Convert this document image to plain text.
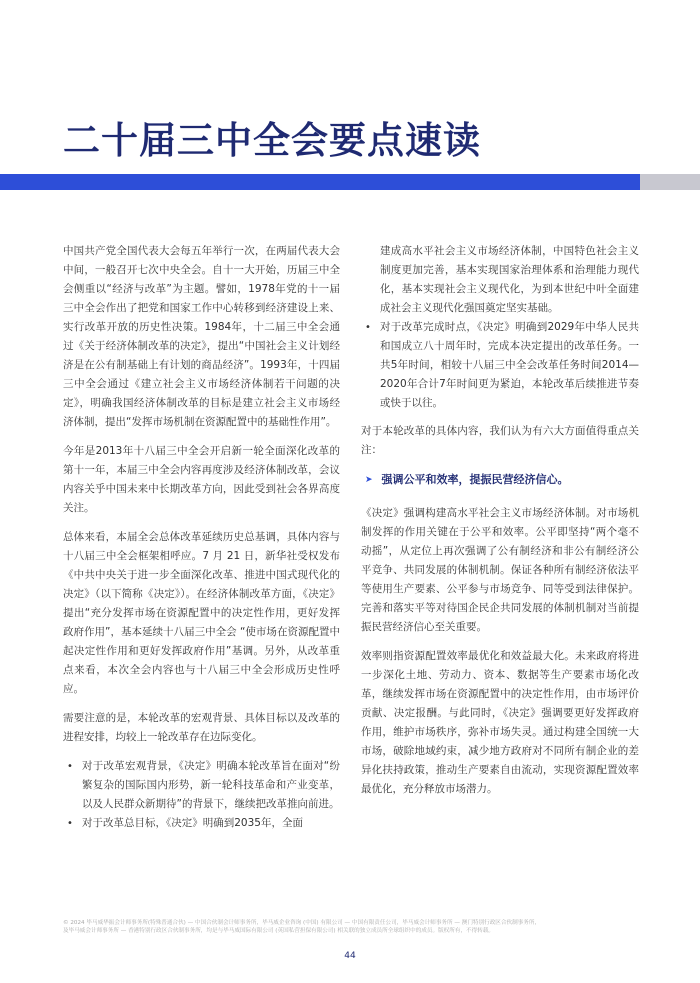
二十届三中全会要点速读

中国共产党全国代表大会每五年举行一次，在两届代表大会中间，一般召开七次中央全会。自十一大开始，历届三中全会侧重以“经济与改革”为主题。譬如，1978年党的十一届三中全会作出了把党和国家工作中心转移到经济建设上来、实行改革开放的历史性决策。1984年，十二届三中全会通过《关于经济体制改革的决定》，提出“中国社会主义计划经济是在公有制基础上有计划的商品经济”。1993年，十四届三中全会通过《建立社会主义市场经济体制若干问题的决定》，明确我国经济体制改革的目标是建立社会主义市场经济体制，提出“发挥市场机制在资源配置中的基础性作用”。

今年是2013年十八届三中全会开启新一轮全面深化改革的第十一年，本届三中全会内容再度涉及经济体制改革，会议内容关乎中国未来中长期改革方向，因此受到社会各界高度关注。

总体来看，本届全会总体改革延续历史总基调，具体内容与十八届三中全会框架相呼应。7 月 21 日，新华社受权发布《中共中央关于进一步全面深化改革、推进中国式现代化的决定》（以下简称《决定》）。在经济体制改革方面，《决定》提出“充分发挥市场在资源配置中的决定性作用，更好发挥政府作用”，基本延续十八届三中全会 “使市场在资源配置中起决定性作用和更好发挥政府作用”基调。另外，从改革重点来看，本次全会内容也与十八届三中全会形成历史性呼应。

需要注意的是，本轮改革的宏观背景、具体目标以及改革的进程安排，均较上一轮改革存在边际变化。

• 对于改革宏观背景，《决定》明确本轮改革旨在面对“纷繁复杂的国际国内形势，新一轮科技革命和产业变革，以及人民群众新期待”的背景下，继续把改革推向前进。
• 对于改革总目标，《决定》明确到2035年，全面
建成高水平社会主义市场经济体制，中国特色社会主义制度更加完善，基本实现国家治理体系和治理能力现代化，基本实现社会主义现代化，为到本世纪中叶全面建成社会主义现代化强国奠定坚实基础。
• 对于改革完成时点，《决定》明确到2029年中华人民共和国成立八十周年时，完成本决定提出的改革任务。一共5年时间，相较十八届三中全会改革任务时间2014—2020年合计7年时间更为紧迫，本轮改革后续推进节奏或快于以往。

对于本轮改革的具体内容，我们认为有六大方面值得重点关注：

➤ 强调公平和效率，提振民营经济信心。

《决定》强调构建高水平社会主义市场经济体制。对市场机制发挥的作用关键在于公平和效率。公平即坚持“两个毫不动摇”，从定位上再次强调了公有制经济和非公有制经济公平竞争、共同发展的体制机制。保证各种所有制经济依法平等使用生产要素、公平参与市场竞争、同等受到法律保护。完善和落实平等对待国企民企共同发展的体制机制对当前提振民营经济信心至关重要。

效率则指资源配置效率最优化和效益最大化。未来政府将进一步深化土地、劳动力、资本、数据等生产要素市场化改革，继续发挥市场在资源配置中的决定性作用，由市场评价贡献、决定报酬。与此同时，《决定》强调要更好发挥政府作用，维护市场秩序，弥补市场失灵。通过构建全国统一大市场，破除地域约束，减少地方政府对不同所有制企业的差异化扶持政策，推动生产要素自由流动，实现资源配置效率最优化，充分释放市场潜力。

© 2024 毕马威华振会计师事务所(特殊普通合伙) — 中国合伙制会计师事务所，毕马威企业咨询 (中国) 有限公司 — 中国有限责任公司，毕马威会计师事务所 — 澳门特别行政区合伙制事务所，
及毕马威会计师事务所 — 香港特别行政区合伙制事务所，均是与毕马威国际有限公司 (英国私营担保有限公司) 相关联的独立成员所全球组织中的成员。版权所有，不得转载。
44
